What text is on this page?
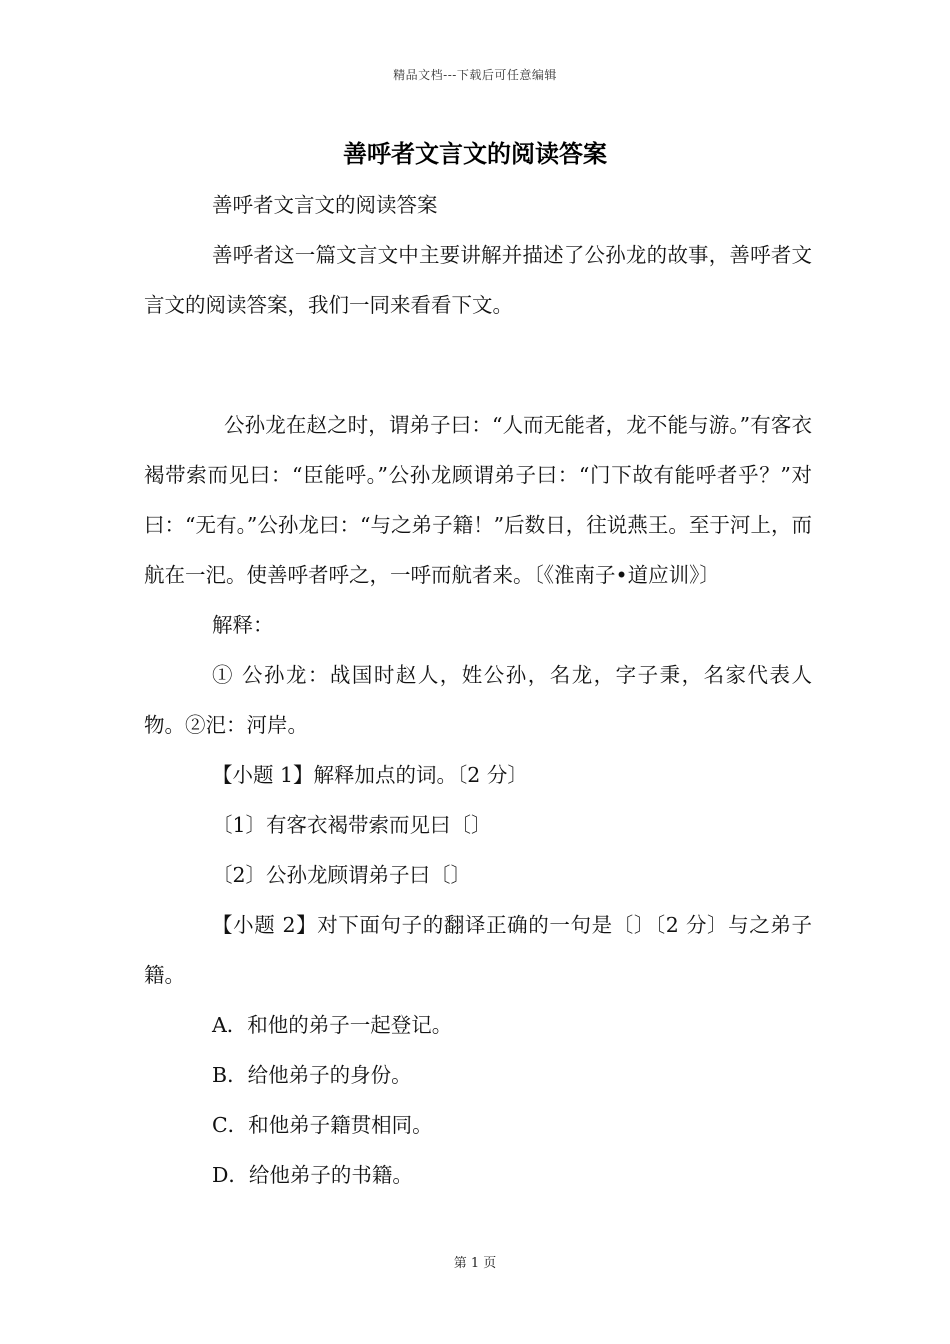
精品文档---下载后可任意编辑
善呼者文言文的阅读答案

善呼者文言文的阅读答案

善呼者这一篇文言文中主要讲解并描述了公孙龙的故事，善呼者文言文的阅读答案，我们一同来看看下文。

公孙龙在赵之时，谓弟子曰：“人而无能者，龙不能与游。”有客衣褐带索而见曰：“臣能呼。”公孙龙顾谓弟子曰：“门下故有能呼者乎？”对曰：“无有。”公孙龙曰：“与之弟子籍！”后数日，往说燕王。至于河上，而航在一汜。使善呼者呼之，一呼而航者来。〔《淮南子•道应训》〕

解释：

① 公孙龙：战国时赵人，姓公孙，名龙，字子秉，名家代表人物。②汜：河岸。

【小题 1】解释加点的词。〔2 分〕

〔1〕有客衣褐带索而见曰〔〕

〔2〕公孙龙顾谓弟子曰〔〕

【小题 2】对下面句子的翻译正确的一句是〔〕〔2 分〕与之弟子籍。

A．和他的弟子一起登记。

B．给他弟子的身份。

C．和他弟子籍贯相同。

D．给他弟子的书籍。

第 1 页
